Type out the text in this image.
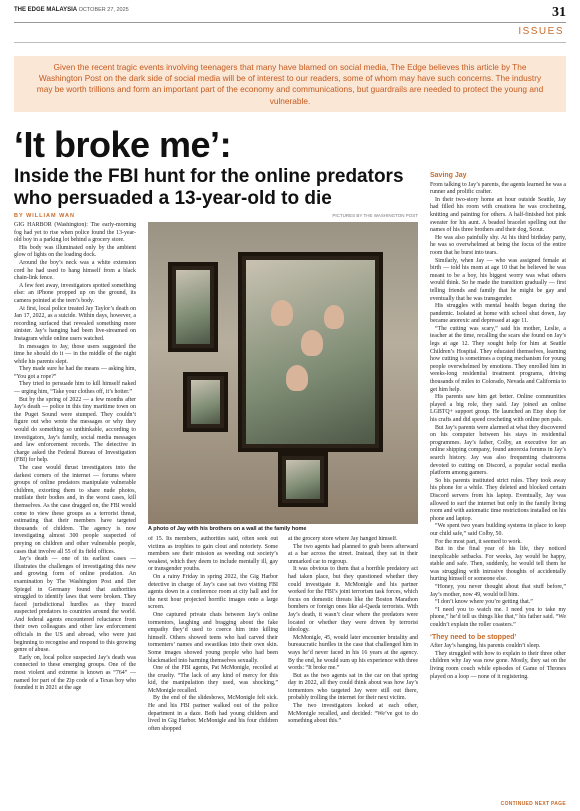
THE EDGE MALAYSIA OCTOBER 27, 2025	31
ISSUES
Given the recent tragic events involving teenagers that many have blamed on social media, The Edge believes this article by The Washington Post on the dark side of social media will be of interest to our readers, some of whom may have such concerns. The industry may be worth trillions and form an important part of the economy and communications, but guardrails are needed to protect the young and vulnerable.
‘It broke me’:
Inside the FBI hunt for the online predators who persuaded a 13-year-old to die
BY WILLIAM WAN	PICTURES BY THE WASHINGTON POST

GIG HARBOR (Washington): The early-morning fog had yet to rise when police found the 13-year-old boy in a parking lot behind a grocery store.

His body was illuminated only by the ambient glow of lights on the loading dock.

Around the boy’s neck was a white extension cord he had used to hang himself from a black chain-link fence.

A few feet away, investigators spotted something else: an iPhone propped up on the ground, its camera pointed at the teen’s body.

At first, local police treated Jay Taylor’s death on Jan 17, 2022, as a suicide. Within days, however, a recording surfaced that revealed something more sinister. Jay’s hanging had been live-streamed on Instagram while online users watched.

In messages to Jay, those users suggested the time he should do it — in the middle of the night while his parents slept.

They made sure he had the means — asking him, “You got a rope?”

They tried to persuade him to kill himself naked — urging him, “Take your clothes off, it’s hotter.”

But by the spring of 2022 — a few months after Jay’s death — police in this tiny maritime town on the Puget Sound were stumped. They couldn’t figure out who wrote the messages or why they would do something so unthinkable, according to investigators, Jay’s family, social media messages and law enforcement records. The detective in charge asked the Federal Bureau of Investigation (FBI) for help.

The case would thrust investigators into the darkest corners of the internet — forums where groups of online predators manipulate vulnerable children, extorting them to share nude photos, mutilate their bodies and, in the worst cases, kill themselves. As the case dragged on, the FBI would come to view these groups as a terrorist threat, estimating that their members have targeted thousands of children. The agency is now investigating almost 300 people suspected of preying on children and other vulnerable people, cases that involve all 55 of its field offices.

Jay’s death — one of its earliest cases — illustrates the challenges of investigating this new and growing form of online predation. An examination by The Washington Post and Der Spiegel in Germany found that authorities struggled to identify laws that were broken. They faced jurisdictional hurdles as they traced suspected predators to countries around the world. And federal agents encountered reluctance from their own colleagues and other law enforcement officials in the US and abroad, who were just beginning to recognise and respond to this growing genre of abuse.

Early on, local police suspected Jay’s death was connected to these emerging groups. One of the most violent and extreme is known as “764” — named for part of the Zip code of a Texas boy who founded it in 2021 at the age

A photo of Jay with his brothers on a wall at the family home

of 15. Its members, authorities said, often seek out victims as trophies to gain clout and notoriety. Some members see their mission as weeding out society’s weakest, which they deem to include mentally ill, gay or transgender youths.

On a rainy Friday in spring 2022, the Gig Harbor detective in charge of Jay’s case sat two visiting FBI agents down in a conference room at city hall and for the next hour projected horrific images onto a large screen.

One captured private chats between Jay’s online tormentors, laughing and bragging about the fake empathy they’d used to coerce him into killing himself. Others showed teens who had carved their tormenters’ names and swastikas into their own skin. Some images showed young people who had been blackmailed into harming themselves sexually.

One of the FBI agents, Pat McMonigle, recoiled at the cruelty. “The lack of any kind of mercy for this kid, the manipulation they used, was shocking,” McMonigle recalled.

By the end of the slideshows, McMonigle felt sick. He and his FBI partner walked out of the police department in a daze. Both had young children and lived in Gig Harbor. McMonigle and his four children often shopped

at the grocery store where Jay hanged himself.

The two agents had planned to grab beers afterward at a bar across the street. Instead, they sat in their unmarked car to regroup.

It was obvious to them that a horrible predatory act had taken place, but they questioned whether they could investigate it. McMonigle and his partner worked for the FBI’s joint terrorism task forces, which focus on domestic threats like the Boston Marathon bombers or foreign ones like al-Qaeda terrorists. With Jay’s death, it wasn’t clear where the predators were located or whether they were driven by terrorist ideology.

McMonigle, 45, would later encounter brutality and bureaucratic hurdles in the case that challenged him in ways he’d never faced in his 16 years at the agency. By the end, he would sum up his experience with three words: “It broke me.”

But as the two agents sat in the car on that spring day in 2022, all they could think about was how Jay’s tormentors who targeted Jay were still out there, probably trolling the internet for their next victim.

The two investigators looked at each other, McMonigle recalled, and decided: “We’ve got to do something about this.”

Saving Jay

From talking to Jay’s parents, the agents learned he was a runner and prolific crafter.

In their two-story home an hour outside Seattle, Jay had filled his room with creations he was crocheting, knitting and painting for others. A half-finished hot pink sweater for his aunt. A beaded bracelet spelling out the names of his three brothers and their dog, Scout.

He was also painfully shy. At his third birthday party, he was so overwhelmed at being the focus of the entire room that he burst into tears.

Similarly, when Jay — who was assigned female at birth — told his mom at age 10 that he believed he was meant to be a boy, his biggest worry was what others would think. So he made the transition gradually — first telling friends and family that he might be gay and eventually that he was transgender.

His struggles with mental health began during the pandemic. Isolated at home with school shut down, Jay became anorexic and depressed at age 11.

“The cutting was scary,” said his mother, Leslie, a teacher at the time, recalling the scars she found on Jay’s legs at age 12. They sought help for him at Seattle Children’s Hospital. They educated themselves, learning how cutting is sometimes a coping mechanism for young people overwhelmed by emotions. They enrolled him in weeks-long residential treatment programs, driving thousands of miles to Colorado, Nevada and California to get him help.

His parents saw him get better. Online communities played a big role, they said. Jay joined an online LGBTQ+ support group. He launched an Etsy shop for his crafts and did speed crocheting with online pen pals.

But Jay’s parents were alarmed at what they discovered on his computer between his stays in residential programmes. Jay’s father, Colby, an executive for an online shipping company, found anorexia forums in Jay’s search history. Jay was also frequenting chatrooms devoted to cutting on Discord, a popular social media platform among gamers.

So his parents instituted strict rules. They took away his phone for a while. They deleted and blocked certain Discord servers from his laptop. Eventually, Jay was allowed to surf the internet but only in the family living room and with automatic time restrictions installed on his phone and laptop.

“We spent two years building systems in place to keep our child safe,” said Colby, 50.

For the most part, it seemed to work.

But in the final year of his life, they noticed inexplicable setbacks. For weeks, Jay would be happy, stable and safe. Then, suddenly, he would tell them he was struggling with intrusive thoughts of accidentally hurting himself or someone else.

“Honey, you never thought about that stuff before,” Jay’s mother, now 49, would tell him.

“I don’t know where you’re getting that.”

“I need you to watch me. I need you to take my phone,” he’d tell us things like that,” his father said. “We couldn’t explain the roller coasters.”

‘They need to be stopped’

After Jay’s hanging, his parents couldn’t sleep.

They struggled with how to explain to their three other children why Jay was now gone. Mostly, they sat on the living room couch while episodes of Game of Thrones played on a loop — none of it registering.

CONTINUED NEXT PAGE
